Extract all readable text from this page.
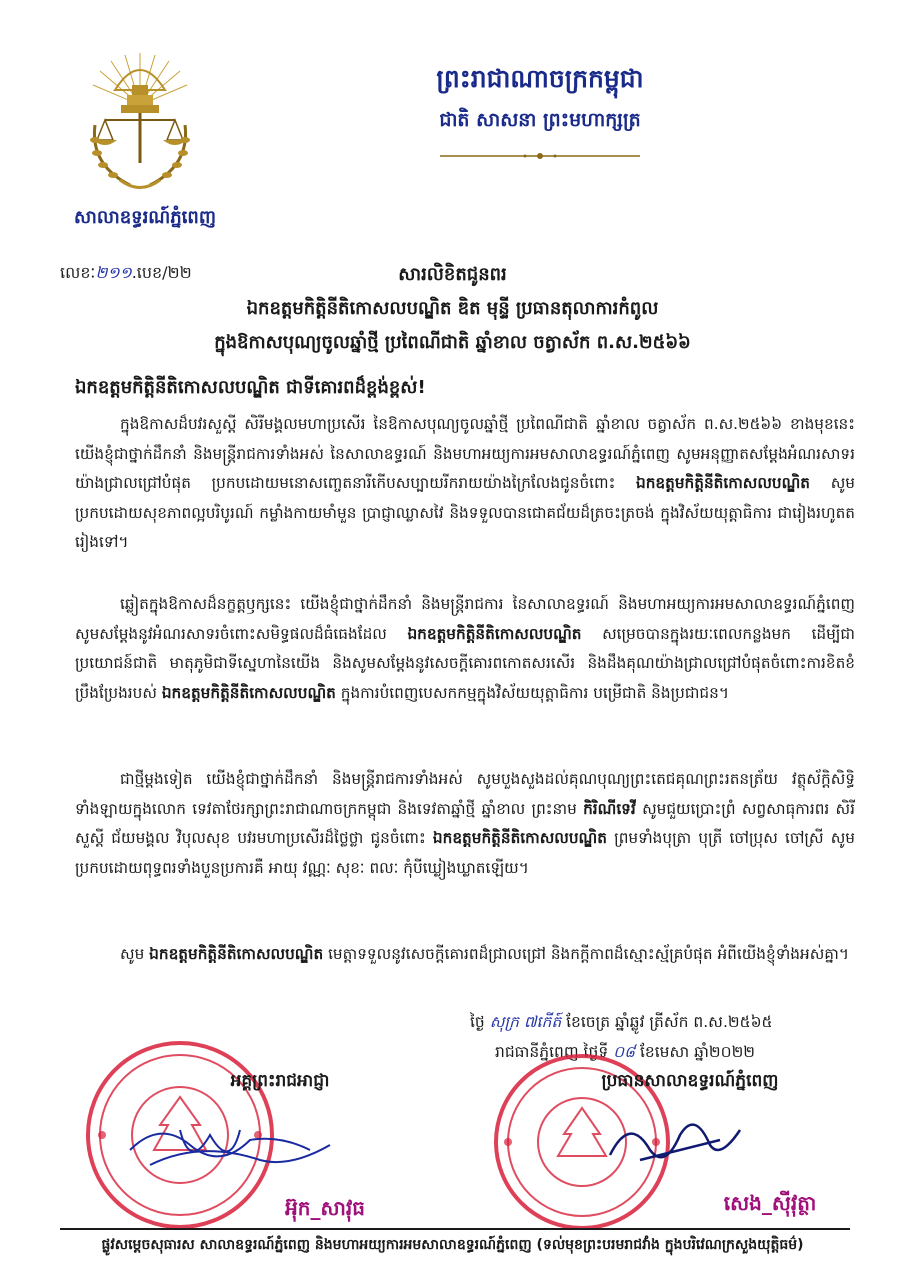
សាលាឧទ្ធរណ៍ភ្នំពេញ
ព្រះរាជាណាចក្រកម្ពុជា
ជាតិ សាសនា ព្រះមហាក្សត្រ
លេខៈ២១១.បេខ/២២	សារលិខិតជូនពរ
ឯកឧត្តមកិត្តិនីតិកោសលបណ្ឌិត ឌិត មុន្ទី ប្រធានតុលាការកំពូល
ក្នុងឱកាសបុណ្យចូលឆ្នាំថ្មី ប្រពៃណីជាតិ ឆ្នាំខាល ចត្វាស័ក ព.ស.២៥៦៦
ឯកឧត្តមកិត្តិនីតិកោសលបណ្ឌិត ជាទីគោរពដ៏ខ្ពង់ខ្ពស់!
ក្នុងឱកាសដ៏បវរសួស្តី សិរីមង្គលមហាប្រសើរ នៃឱកាសបុណ្យចូលឆ្នាំថ្មី ប្រពៃណីជាតិ ឆ្នាំខាល ចត្វាស័ក ព.ស.២៥៦៦ ខាងមុខនេះ យើងខ្ញុំជាថ្នាក់ដឹកនាំ និងមន្ត្រីរាជការទាំងអស់ នៃសាលាឧទ្ធរណ៍ និងមហាអយ្យការអមសាលាឧទ្ធរណ៍ភ្នំពេញ សូមអនុញ្ញាតសម្តែងអំណរសាទរយ៉ាងជ្រាលជ្រៅបំផុត ប្រកបដោយមនោសញ្ចេតនារីកើបសប្បាយរីករាយយ៉ាងក្រៃលែងជូនចំពោះ ឯកឧត្តមកិត្តិនីតិកោសលបណ្ឌិត សូមប្រកបដោយសុខភាពល្អបរិបូរណ៍ កម្លាំងកាយមាំមួន ប្រាជ្ញាឈ្លាសវៃ និងទទួលបានជោគជ័យដ៏ត្រចះត្រចង់ ក្នុងវិស័យយុត្តាធិការ ជារៀងរហូតតរៀងទៅ។
ឆ្លៀតក្នុងឱកាសដ៏នក្ខត្តឫក្សនេះ យើងខ្ញុំជាថ្នាក់ដឹកនាំ និងមន្ត្រីរាជការ នៃសាលាឧទ្ធរណ៍ និងមហាអយ្យការអមសាលាឧទ្ធរណ៍ភ្នំពេញ សូមសម្តែងនូវអំណរសាទរចំពោះសមិទ្ធផលដ៏ធំធេងដែល ឯកឧត្តមកិត្តិនីតិកោសលបណ្ឌិត សម្រេចបានក្នុងរយៈពេលកន្លងមក ដើម្បីជាប្រយោជន៍ជាតិ មាតុភូមិជាទីស្នេហានៃយើង និងសូមសម្តែងនូវសេចក្តីគោរពកោតសរសើរ និងដឹងគុណយ៉ាងជ្រាលជ្រៅបំផុតចំពោះការខិតខំប្រឹងប្រែងរបស់ ឯកឧត្តមកិត្តិនីតិកោសលបណ្ឌិត ក្នុងការបំពេញបេសកកម្មក្នុងវិស័យយុត្តាធិការ បម្រើជាតិ និងប្រជាជន។
ជាថ្មីម្តងទៀត យើងខ្ញុំជាថ្នាក់ដឹកនាំ និងមន្ត្រីរាជការទាំងអស់ សូមបួងសួងដល់គុណបុណ្យព្រះតេជគុណព្រះរតនត្រ័យ វត្ថុស័ក្តិសិទ្ធិទាំងឡាយក្នុងលោក ទេវតាថែរក្សាព្រះរាជាណាចក្រកម្ពុជា និងទេវតាឆ្នាំថ្មី ឆ្នាំខាល ព្រះនាម កិរិណីទេវី សូមជួយប្រោះព្រំ សព្វសាធុការពរ សិរីសួស្តី ជ័យមង្គល វិបុលសុខ បវរមហាប្រសើរដ៏ថ្លៃថ្លា ជូនចំពោះ ឯកឧត្តមកិត្តិនីតិកោសលបណ្ឌិត ព្រមទាំងបុត្រា បុត្រី ចៅប្រុស ចៅស្រី សូមប្រកបដោយពុទ្ធពរទាំងបួនប្រការគឺ អាយុ វណ្ណៈ សុខៈ ពលៈ កុំបីឃ្លៀងឃ្លាតឡើយ។
សូម ឯកឧត្តមកិត្តិនីតិកោសលបណ្ឌិត មេត្តាទទួលនូវសេចក្តីគោរពដ៏ជ្រាលជ្រៅ និងកក្តីកាពដ៏ស្មោះស្ម័គ្របំផុត អំពីយើងខ្ញុំទាំងអស់គ្នា។
ថ្ងៃ សុក្រ ៧កើត៍ ខែចេត្រ ឆ្នាំឆ្លូវ ត្រីស័ក ព.ស.២៥៦៥
រាជធានីភ្នំពេញ ថ្ងៃទី ០៨ ខែមេសា ឆ្នាំ២០២២
អគ្គព្រះរាជអាជ្ញា
អ៊ុក_សាវុធ
ប្រធានសាលាឧទ្ធរណ៍ភ្នំពេញ
សេង_ស៊ីវុត្ថា
ផ្លូវសម្តេចសុធារស សាលាឧទ្ធរណ៍ភ្នំពេញ និងមហាអយ្យការអមសាលាឧទ្ធរណ៍ភ្នំពេញ (ទល់មុខព្រះបរមរាជវាំង ក្នុងបរិវេណក្រសួងយុត្តិធម៌)
